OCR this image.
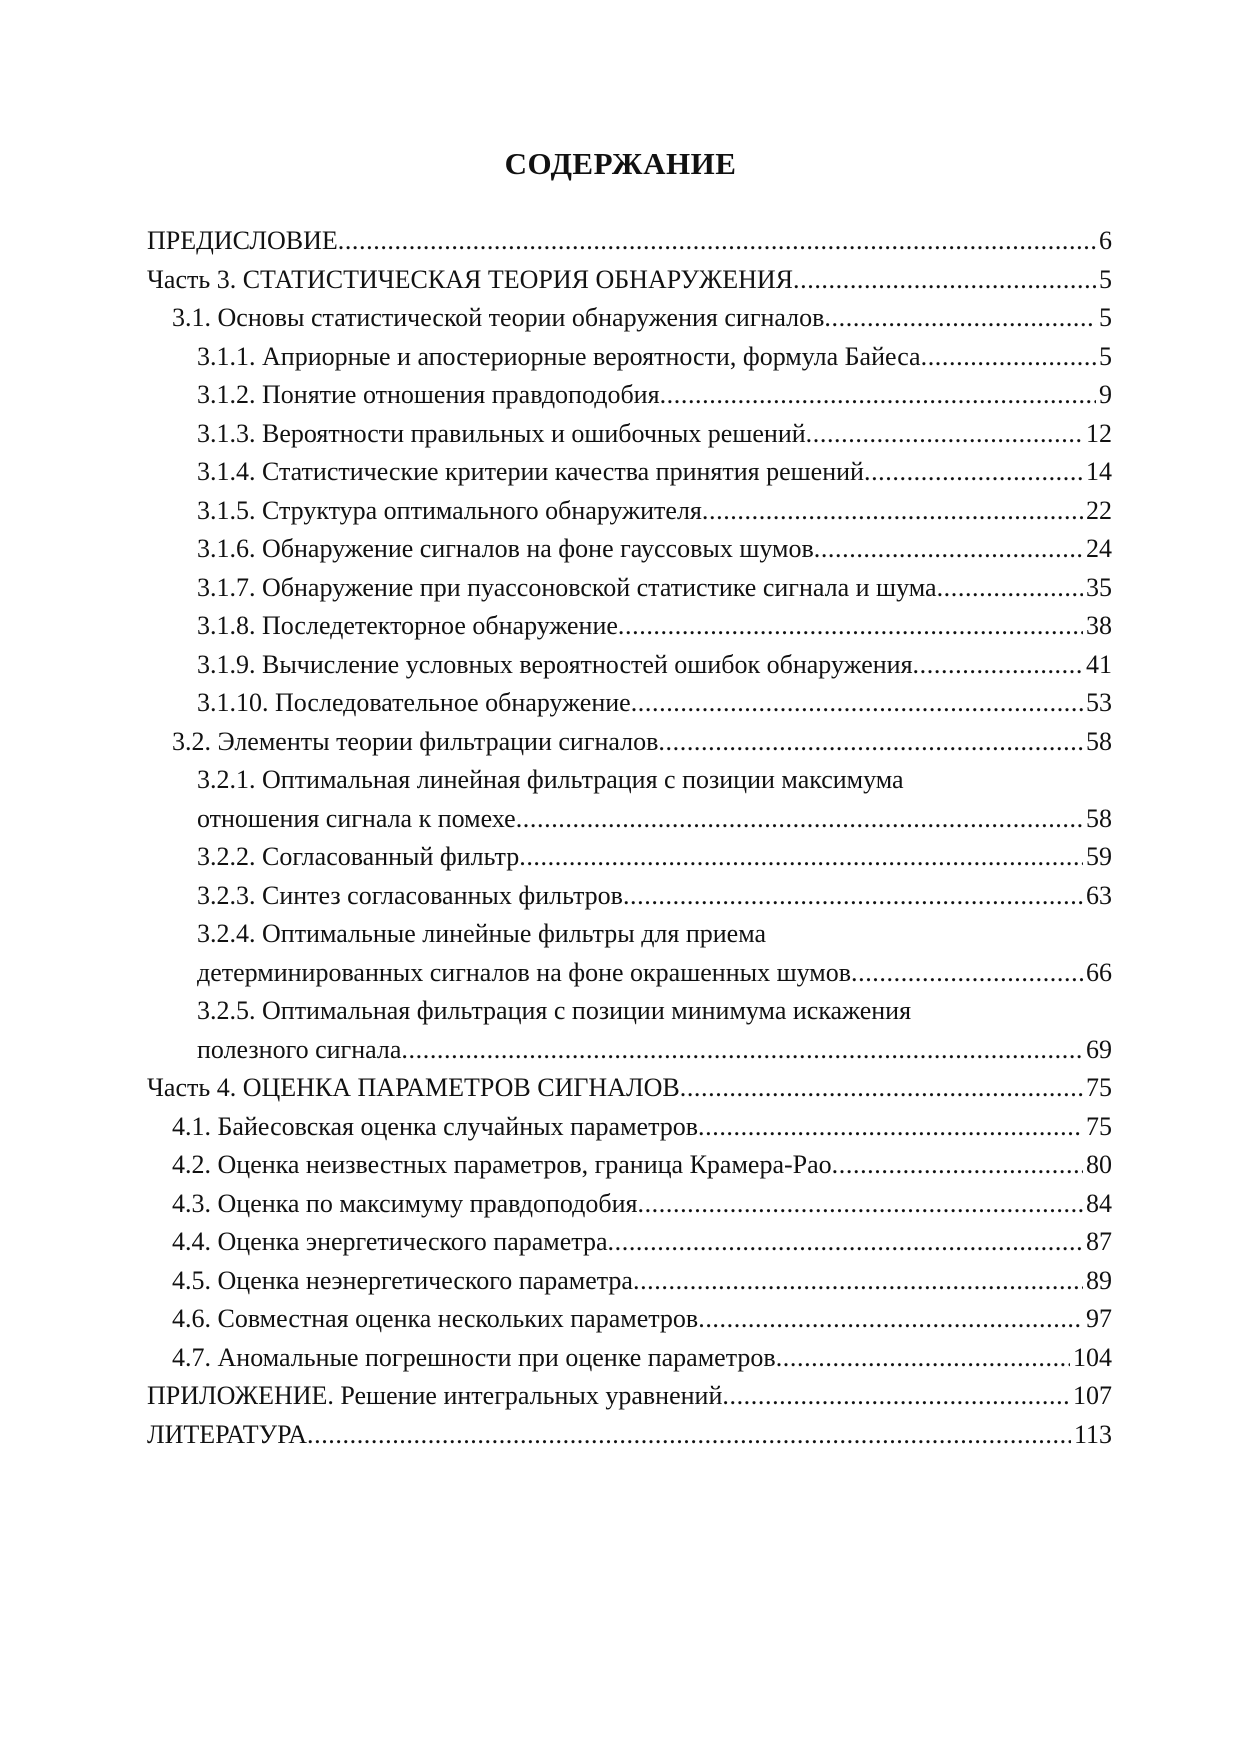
СОДЕРЖАНИЕ
ПРЕДИСЛОВИЕ .....	6
Часть 3. СТАТИСТИЧЕСКАЯ ТЕОРИЯ ОБНАРУЖЕНИЯ .....	5
3.1. Основы статистической теории обнаружения сигналов .....	5
3.1.1. Априорные и апостериорные вероятности, формула Байеса .....	5
3.1.2. Понятие отношения правдоподобия .....	9
3.1.3. Вероятности правильных и ошибочных решений .....	12
3.1.4. Статистические критерии качества принятия решений .....	14
3.1.5. Структура оптимального обнаружителя .....	22
3.1.6. Обнаружение сигналов на фоне гауссовых шумов .....	24
3.1.7. Обнаружение при пуассоновской статистике сигнала и шума .....	35
3.1.8. Последетекторное обнаружение .....	38
3.1.9. Вычисление условных вероятностей ошибок обнаружения .....	41
3.1.10. Последовательное обнаружение .....	53
3.2. Элементы теории фильтрации сигналов .....	58
3.2.1. Оптимальная линейная фильтрация с позиции максимума
отношения сигнала к помехе .....	58
3.2.2. Согласованный фильтр .....	59
3.2.3. Синтез согласованных фильтров .....	63
3.2.4. Оптимальные линейные фильтры для приема
детерминированных сигналов на фоне окрашенных шумов .....	66
3.2.5. Оптимальная фильтрация с позиции минимума искажения
полезного сигнала .....	69
Часть 4. ОЦЕНКА ПАРАМЕТРОВ СИГНАЛОВ .....	75
4.1. Байесовская оценка случайных параметров .....	75
4.2. Оценка неизвестных параметров, граница Крамера-Рао .....	80
4.3. Оценка по максимуму правдоподобия .....	84
4.4. Оценка энергетического параметра .....	87
4.5. Оценка неэнергетического параметра .....	89
4.6. Совместная оценка нескольких параметров .....	97
4.7. Аномальные погрешности при оценке параметров .....	104
ПРИЛОЖЕНИЕ. Решение интегральных уравнений .....	107
ЛИТЕРАТУРА .....	113
